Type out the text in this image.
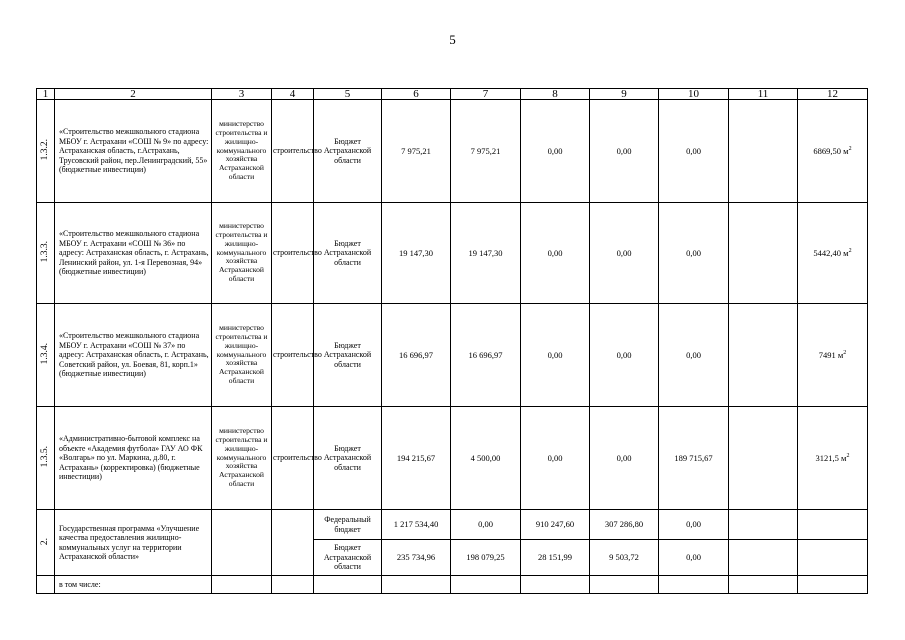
5
1	2	3	4	5	6	7	8	9	10	11	12
1.3.2.	«Строительство межшкольного стадиона МБОУ г. Астрахани «СОШ № 9» по адресу: Астраханская область, г.Астрахань, Трусовский район, пер.Ленинградский, 55» (бюджетные инвестиции)	министерство строительства и жилищно-коммунального хозяйства Астраханской области	строительство	Бюджет Астраханской области	7 975,21	7 975,21	0,00	0,00	0,00		6869,50 $м^2$
1.3.3.	«Строительство межшкольного стадиона МБОУ г. Астрахани «СОШ № 36» по адресу: Астраханская область, г. Астрахань, Ленинский район, ул. 1-я Перевозная, 94» (бюджетные инвестиции)	министерство строительства и жилищно-коммунального хозяйства Астраханской области	строительство	Бюджет Астраханской области	19 147,30	19 147,30	0,00	0,00	0,00		5442,40 $м^2$
1.3.4.	«Строительство межшкольного стадиона МБОУ г. Астрахани «СОШ № 37» по адресу: Астраханская область, г. Астрахань, Советский район, ул. Боевая, 81, корп.1» (бюджетные инвестиции)	министерство строительства и жилищно-коммунального хозяйства Астраханской области	строительство	Бюджет Астраханской области	16 696,97	16 696,97	0,00	0,00	0,00		7491 $м^2$
1.3.5.	«Административно-бытовой комплекс на объекте «Академия футбола» ГАУ АО ФК «Волгарь» по ул. Маркина, д.80, г. Астрахань» (корректировка) (бюджетные инвестиции)	министерство строительства и жилищно-коммунального хозяйства Астраханской области	строительство	Бюджет Астраханской области	194 215,67	4 500,00	0,00	0,00	189 715,67		3121,5 $м^2$
2.	Государственная программа «Улучшение качества предоставления жилищно-коммунальных услуг на территории Астраханской области»			Федеральный бюджет	1 217 534,40	0,00	910 247,60	307 286,80	0,00		
				Бюджет Астраханской области	235 734,96	198 079,25	28 151,99	9 503,72	0,00		
	в том числе:										
